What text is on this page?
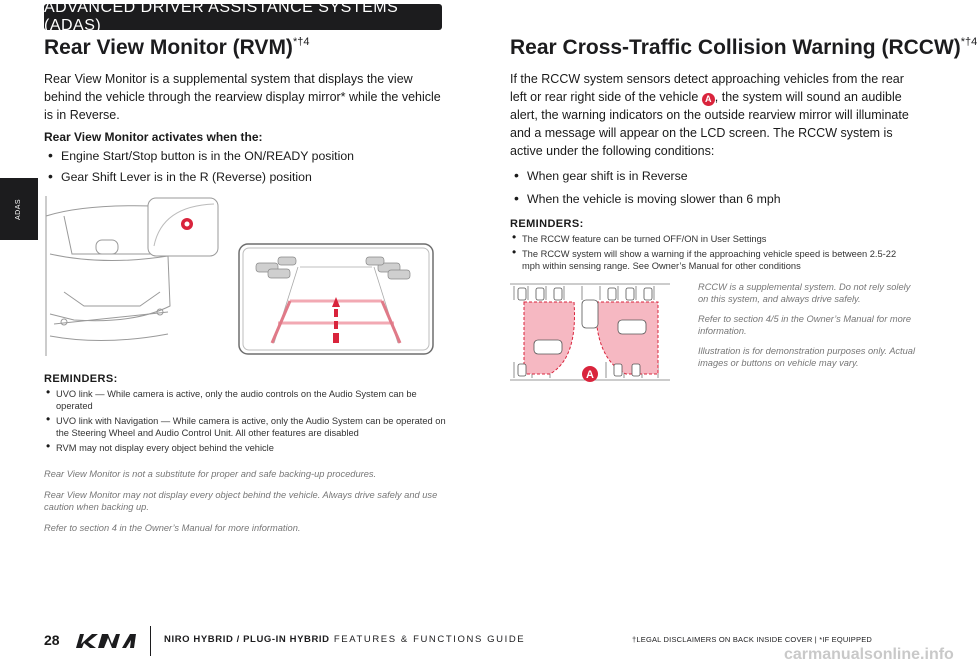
ADVANCED DRIVER ASSISTANCE SYSTEMS (ADAS)
ADAS
Rear View Monitor (RVM)$^{*\dagger 4}$

Rear View Monitor is a supplemental system that displays the view behind the vehicle through the rearview display mirror* while the vehicle is in Reverse.

Rear View Monitor activates when the:

• Engine Start/Stop button is in the ON/READY position
• Gear Shift Lever is in the R (Reverse) position

REMINDERS:

• UVO link — While camera is active, only the audio controls on the Audio System can be operated
• UVO link with Navigation — While camera is active, only the Audio System can be operated on the Steering Wheel and Audio Control Unit. All other features are disabled
• RVM may not display every object behind the vehicle

Rear View Monitor is not a substitute for proper and safe backing-up procedures.

Rear View Monitor may not display every object behind the vehicle. Always drive safely and use caution when backing up.

Refer to section 4 in the Owner’s Manual for more information.

Rear Cross-Traffic Collision Warning (RCCW)$^{*\dagger 4}$

If the RCCW system sensors detect approaching vehicles from the rear left or rear right side of the vehicle A , the system will sound an audible alert, the warning indicators on the outside rearview mirror will illuminate and a message will appear on the LCD screen. The RCCW system is active under the following conditions:

• When gear shift is in Reverse
• When the vehicle is moving slower than 6 mph

REMINDERS:

• The RCCW feature can be turned OFF/ON in User Settings
• The RCCW system will show a warning if the approaching vehicle speed is between 2.5-22 mph within sensing range. See Owner’s Manual for other conditions
A

RCCW is a supplemental system. Do not rely solely on this system, and always drive safely.

Refer to section 4/5 in the Owner’s Manual for more information.

Illustration is for demonstration purposes only. Actual images or buttons on vehicle may vary.

28	NIRO HYBRID / PLUG-IN HYBRID FEATURES & FUNCTIONS GUIDE	†LEGAL DISCLAIMERS ON BACK INSIDE COVER | *IF EQUIPPED
carmanualsonline.info
